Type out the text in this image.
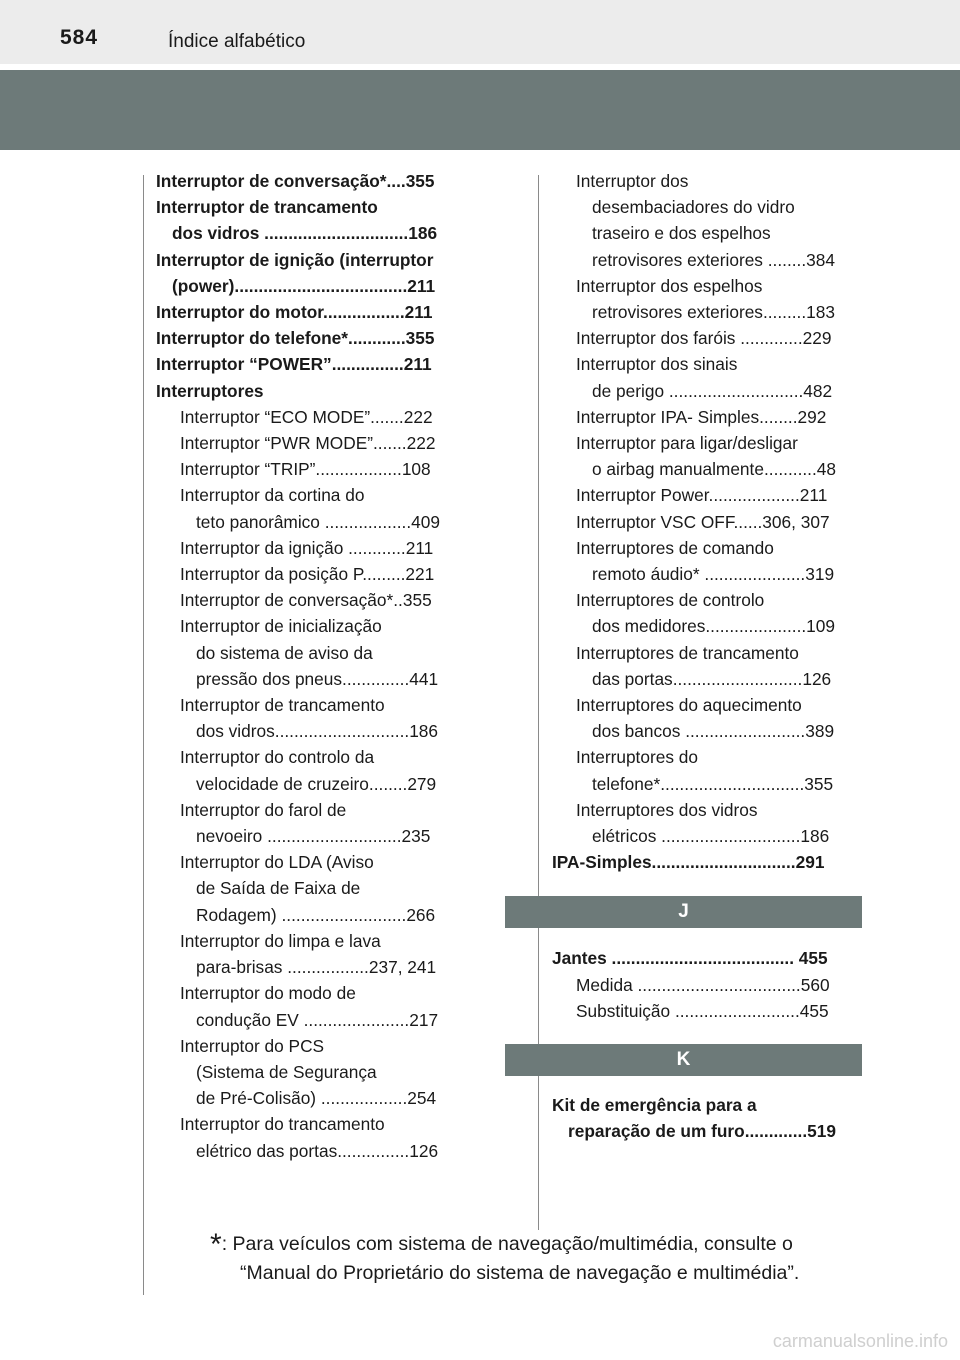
584	Índice alfabético
Interruptor de conversação*....355
Interruptor de trancamento
dos vidros ..............................186
Interruptor de ignição (interruptor
(power)....................................211
Interruptor do motor.................211
Interruptor do telefone*............355
Interruptor “POWER”...............211
Interruptores
Interruptor “ECO MODE”.......222
Interruptor “PWR MODE”.......222
Interruptor “TRIP”..................108
Interruptor da cortina do
teto panorâmico ..................409
Interruptor da ignição ............211
Interruptor da posição P.........221
Interruptor de conversação*..355
Interruptor de inicialização
do sistema de aviso da
pressão dos pneus..............441
Interruptor de trancamento
dos vidros............................186
Interruptor do controlo da
velocidade de cruzeiro........279
Interruptor do farol de
nevoeiro ............................235
Interruptor do LDA (Aviso
de Saída de Faixa de
Rodagem) ..........................266
Interruptor do limpa e lava
para-brisas .................237, 241
Interruptor do modo de
condução EV ......................217
Interruptor do PCS
(Sistema de Segurança
de Pré-Colisão) ..................254
Interruptor do trancamento
elétrico das portas...............126
Interruptor dos
desembaciadores do vidro
traseiro e dos espelhos
retrovisores exteriores ........384
Interruptor dos espelhos
retrovisores exteriores.........183
Interruptor dos faróis .............229
Interruptor dos sinais
de perigo ............................482
Interruptor IPA- Simples........292
Interruptor para ligar/desligar
o airbag manualmente...........48
Interruptor Power...................211
Interruptor VSC OFF......306, 307
Interruptores de comando
remoto áudio* .....................319
Interruptores de controlo
dos medidores.....................109
Interruptores de trancamento
das portas...........................126
Interruptores do aquecimento
dos bancos .........................389
Interruptores do
telefone*..............................355
Interruptores dos vidros
elétricos .............................186
IPA-Simples..............................291
J
Jantes ...................................... 455
Medida ..................................560
Substituição ..........................455
K
Kit de emergência para a
reparação de um furo.............519
*: Para veículos com sistema de navegação/multimédia, consulte o
“Manual do Proprietário do sistema de navegação e multimédia”.
carmanualsonline.info
